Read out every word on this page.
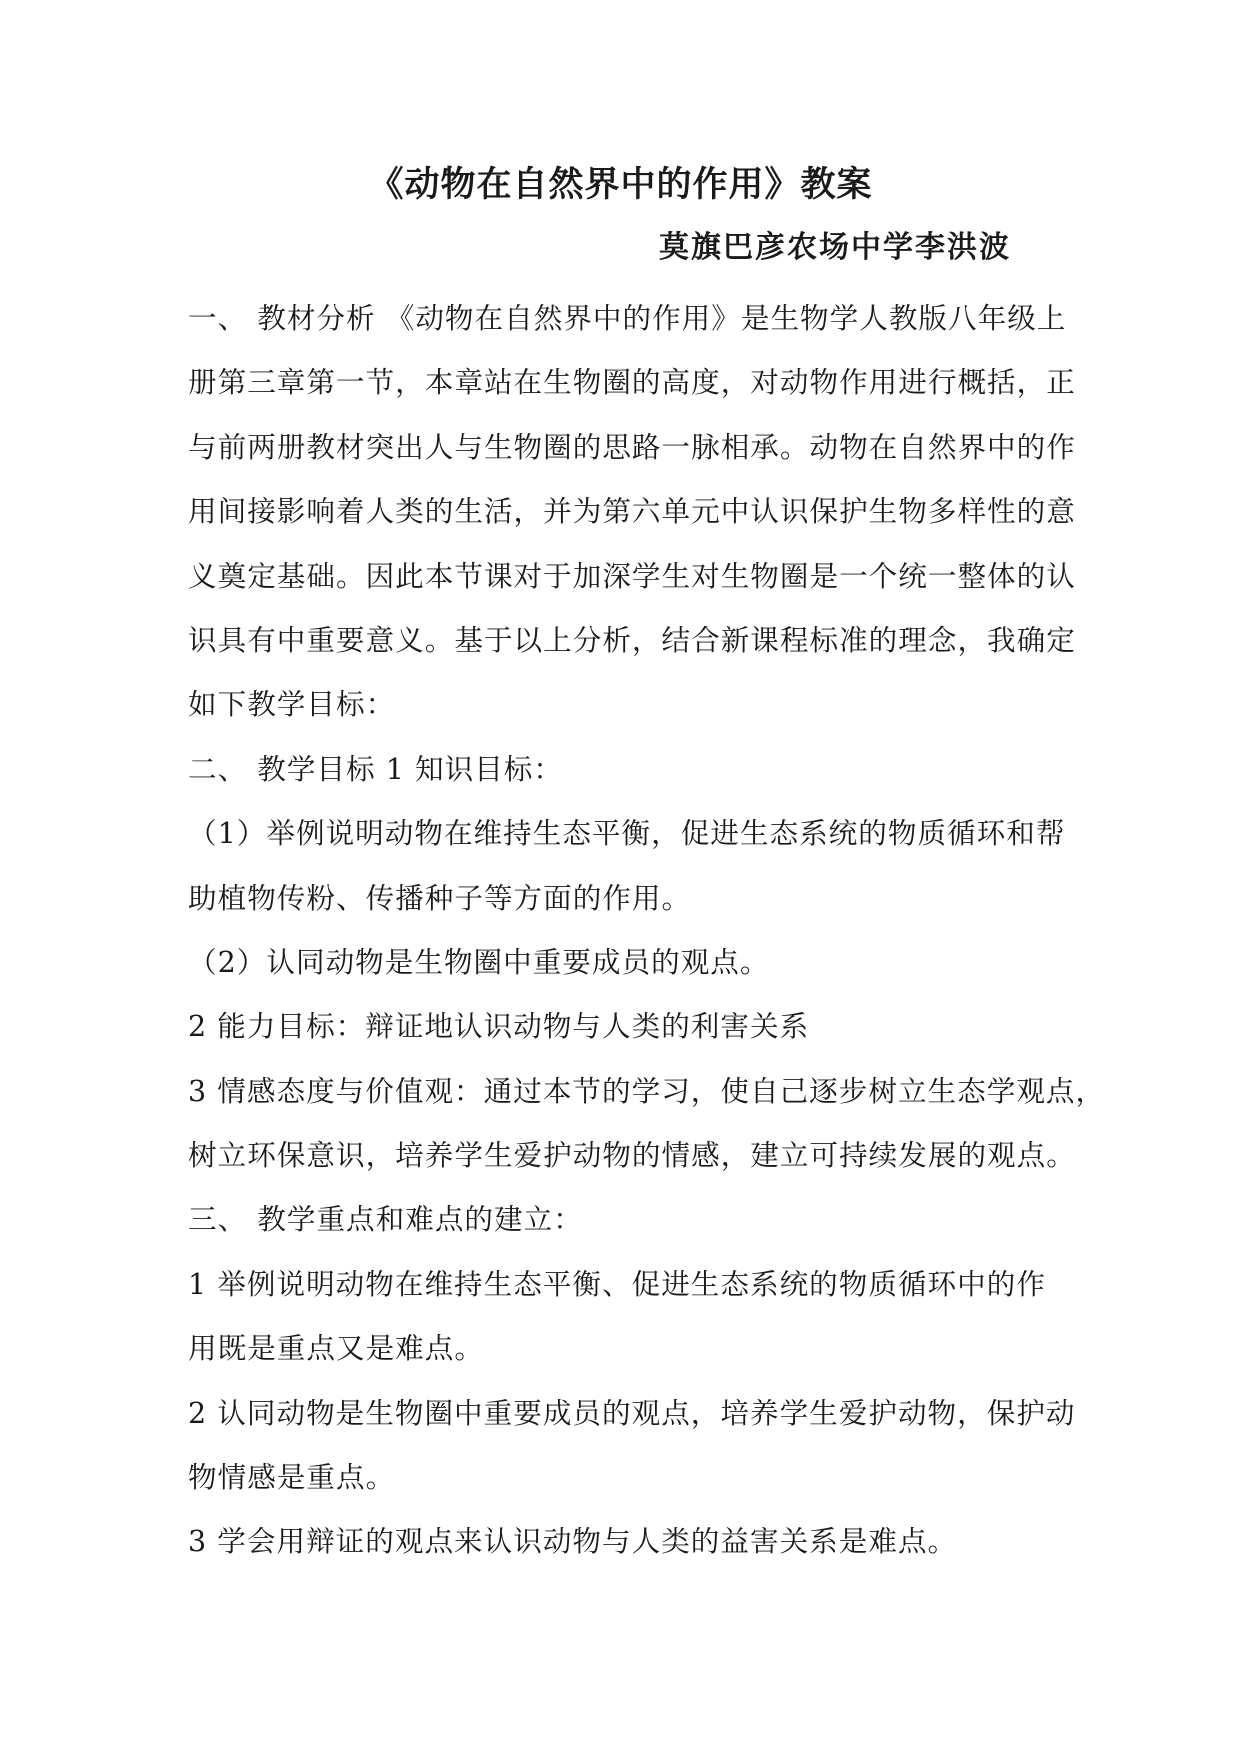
《动物在自然界中的作用》教案
莫旗巴彦农场中学李洪波
一、 教材分析 《动物在自然界中的作用》是生物学人教版八年级上
册第三章第一节，本章站在生物圈的高度，对动物作用进行概括，正
与前两册教材突出人与生物圈的思路一脉相承。动物在自然界中的作
用间接影响着人类的生活，并为第六单元中认识保护生物多样性的意
义奠定基础。因此本节课对于加深学生对生物圈是一个统一整体的认
识具有中重要意义。基于以上分析，结合新课程标准的理念，我确定
如下教学目标：
二、 教学目标 1 知识目标：
（1）举例说明动物在维持生态平衡，促进生态系统的物质循环和帮
助植物传粉、传播种子等方面的作用。
（2）认同动物是生物圈中重要成员的观点。
2 能力目标：辩证地认识动物与人类的利害关系
3 情感态度与价值观：通过本节的学习，使自己逐步树立生态学观点，
树立环保意识，培养学生爱护动物的情感，建立可持续发展的观点。
三、 教学重点和难点的建立：
1 举例说明动物在维持生态平衡、促进生态系统的物质循环中的作
用既是重点又是难点。
2 认同动物是生物圈中重要成员的观点，培养学生爱护动物，保护动
物情感是重点。
3 学会用辩证的观点来认识动物与人类的益害关系是难点。
